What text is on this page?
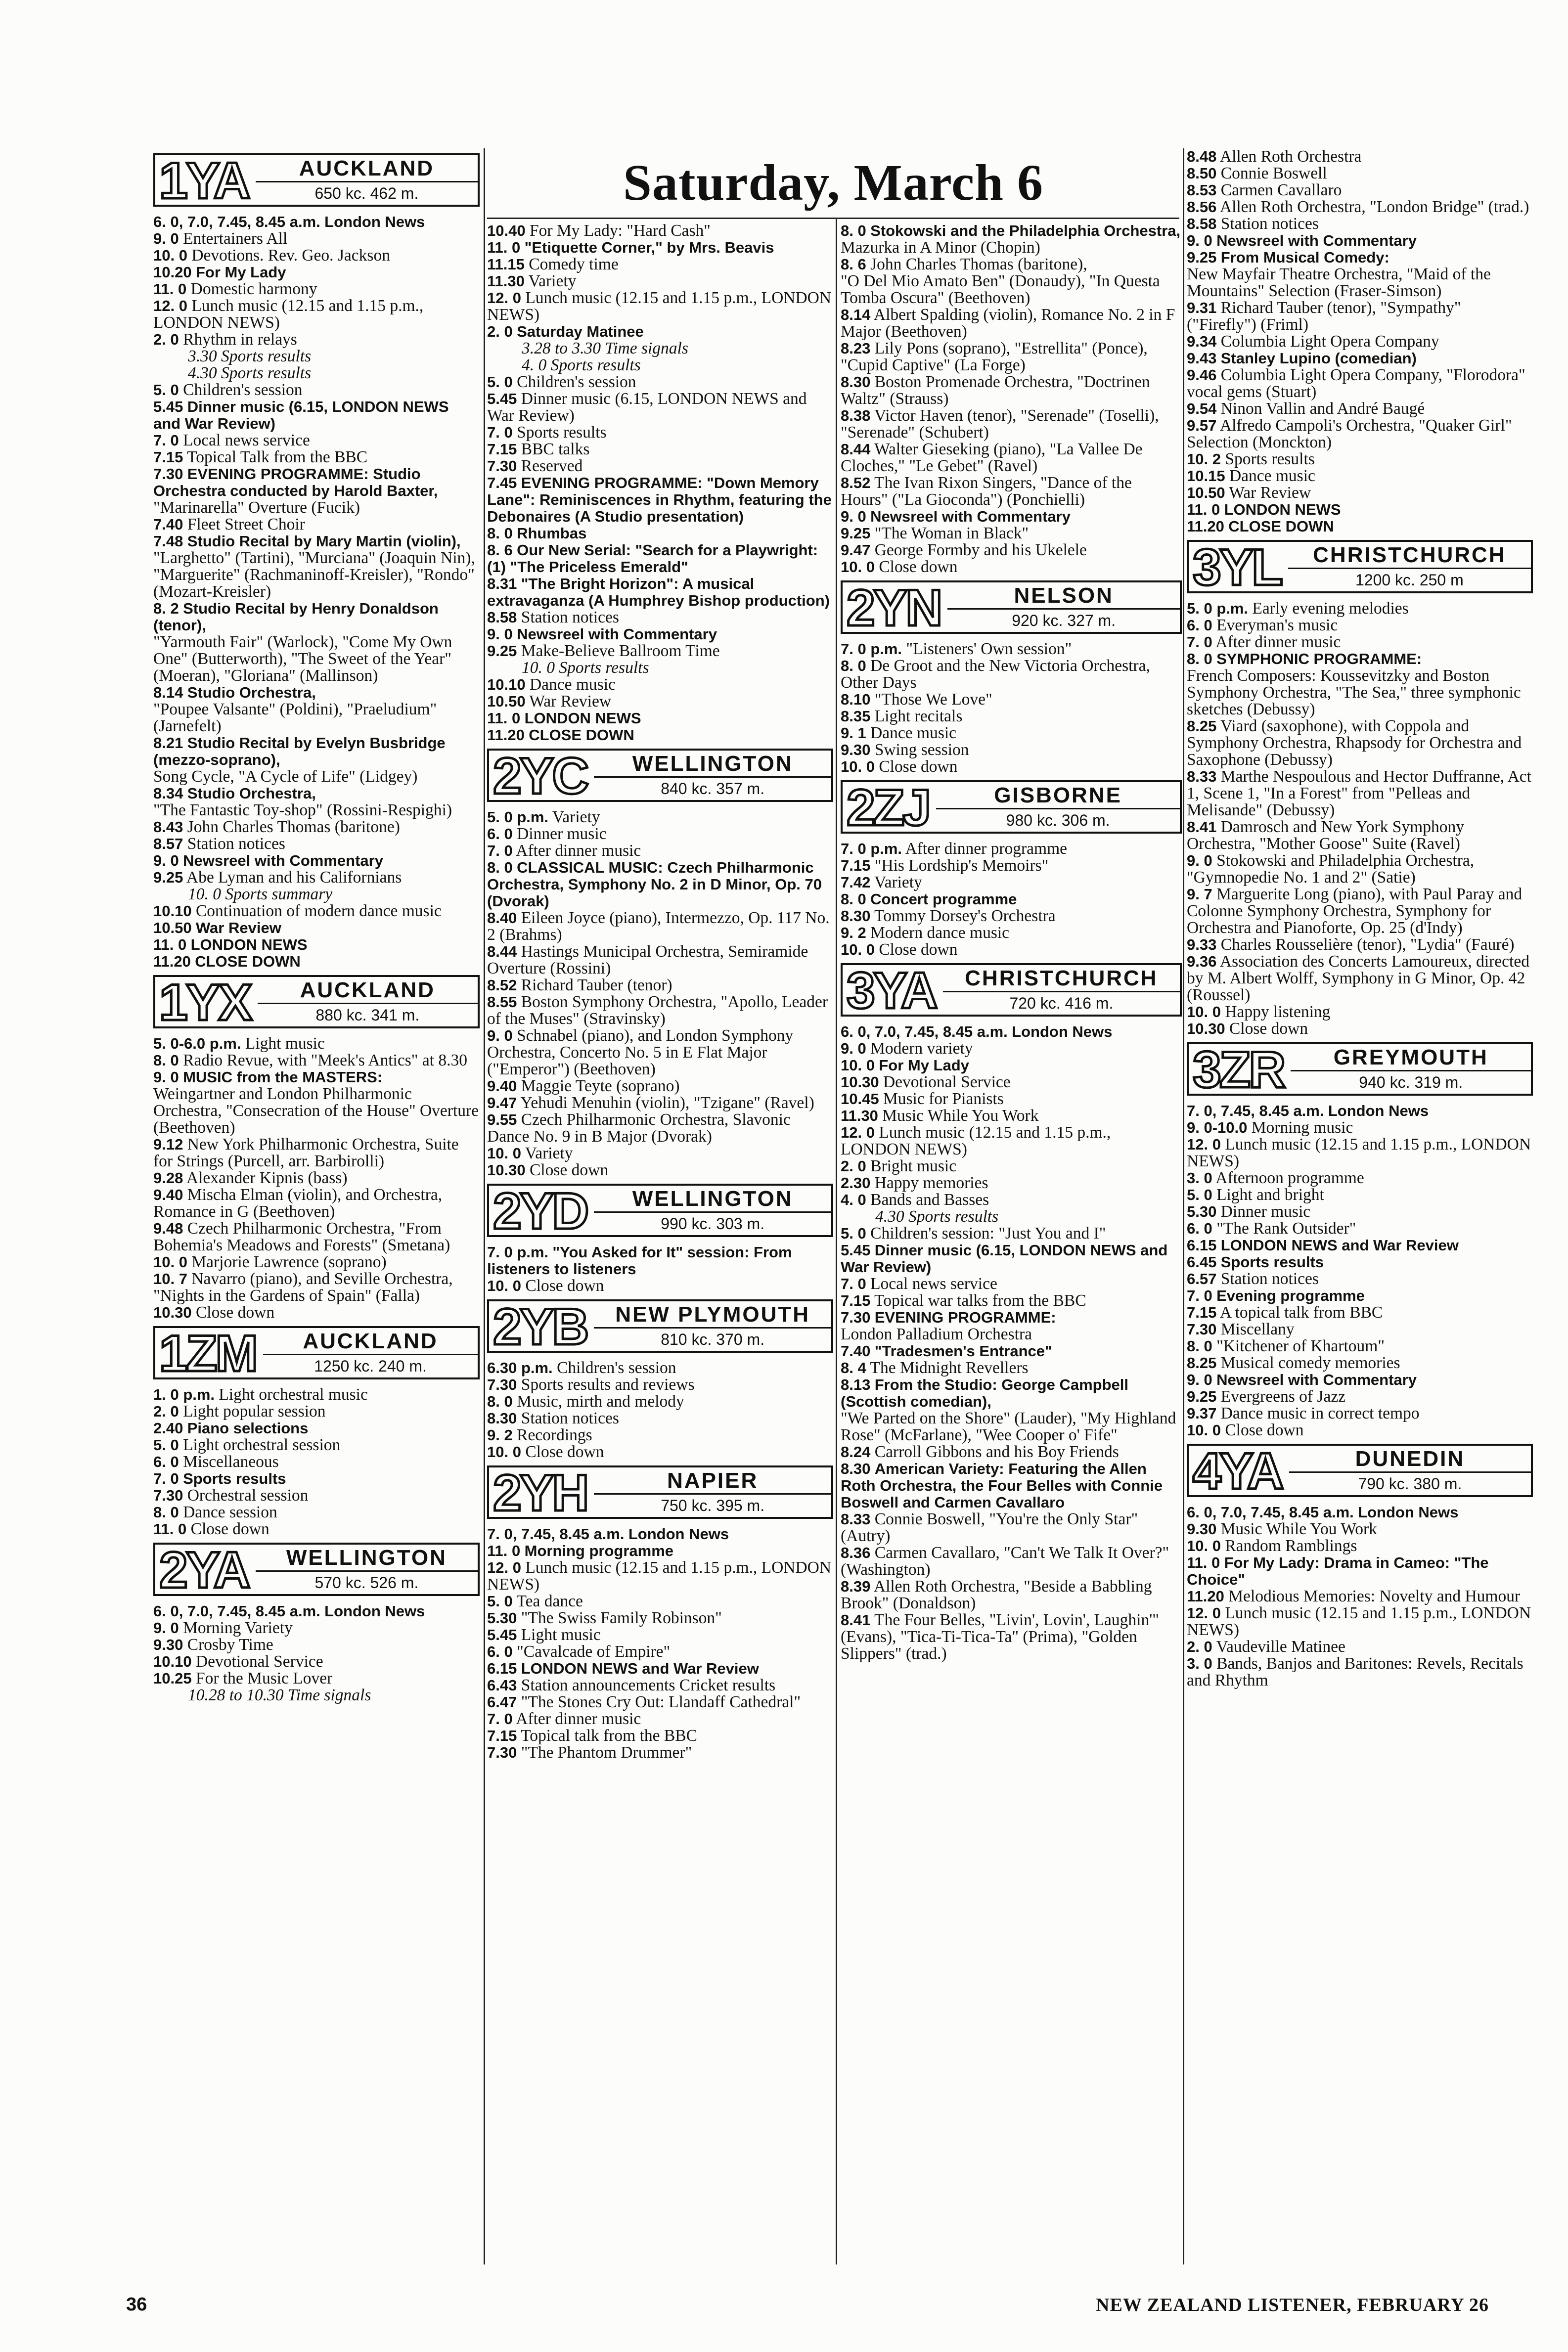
Saturday, March 6
1YA	AUCKLAND
650 kc. 462 m.
6. 0, 7.0, 7.45, 8.45 a.m. London News
9. 0 Entertainers All
10. 0 Devotions. Rev. Geo. Jackson
10.20 For My Lady
11. 0 Domestic harmony
12. 0 Lunch music (12.15 and 1.15 p.m., LONDON NEWS)
2. 0 Rhythm in relays
3.30 Sports results
4.30 Sports results
5. 0 Children's session
5.45 Dinner music (6.15, LONDON NEWS and War Review)
7. 0 Local news service
7.15 Topical Talk from the BBC
7.30 EVENING PROGRAMME: Studio Orchestra conducted by Harold Baxter,
"Marinarella" Overture (Fucik)
7.40 Fleet Street Choir
7.48 Studio Recital by Mary Martin (violin),
"Larghetto" (Tartini), "Murciana" (Joaquin Nin), "Marguerite" (Rachmaninoff-Kreisler), "Rondo" (Mozart-Kreisler)
8. 2 Studio Recital by Henry Donaldson (tenor),
"Yarmouth Fair" (Warlock), "Come My Own One" (Butterworth), "The Sweet of the Year" (Moeran), "Gloriana" (Mallinson)
8.14 Studio Orchestra,
"Poupee Valsante" (Poldini), "Praeludium" (Jarnefelt)
8.21 Studio Recital by Evelyn Busbridge (mezzo-soprano),
Song Cycle, "A Cycle of Life" (Lidgey)
8.34 Studio Orchestra,
"The Fantastic Toy-shop" (Rossini-Respighi)
8.43 John Charles Thomas (baritone)
8.57 Station notices
9. 0 Newsreel with Commentary
9.25 Abe Lyman and his Californians
10. 0 Sports summary
10.10 Continuation of modern dance music
10.50 War Review
11. 0 LONDON NEWS
11.20 CLOSE DOWN
1YX	AUCKLAND
880 kc. 341 m.
5. 0-6.0 p.m. Light music
8. 0 Radio Revue, with "Meek's Antics" at 8.30
9. 0 MUSIC from the MASTERS:
Weingartner and London Philharmonic Orchestra, "Consecration of the House" Overture (Beethoven)
9.12 New York Philharmonic Orchestra, Suite for Strings (Purcell, arr. Barbirolli)
9.28 Alexander Kipnis (bass)
9.40 Mischa Elman (violin), and Orchestra, Romance in G (Beethoven)
9.48 Czech Philharmonic Orchestra, "From Bohemia's Meadows and Forests" (Smetana)
10. 0 Marjorie Lawrence (soprano)
10. 7 Navarro (piano), and Seville Orchestra, "Nights in the Gardens of Spain" (Falla)
10.30 Close down
1ZM	AUCKLAND
1250 kc. 240 m.
1. 0 p.m. Light orchestral music
2. 0 Light popular session
2.40 Piano selections
5. 0 Light orchestral session
6. 0 Miscellaneous
7. 0 Sports results
7.30 Orchestral session
8. 0 Dance session
11. 0 Close down
2YA	WELLINGTON
570 kc. 526 m.
6. 0, 7.0, 7.45, 8.45 a.m. London News
9. 0 Morning Variety
9.30 Crosby Time
10.10 Devotional Service
10.25 For the Music Lover
10.28 to 10.30 Time signals
10.40 For My Lady: "Hard Cash"
11. 0 "Etiquette Corner," by Mrs. Beavis
11.15 Comedy time
11.30 Variety
12. 0 Lunch music (12.15 and 1.15 p.m., LONDON NEWS)
2. 0 Saturday Matinee
3.28 to 3.30 Time signals
4. 0 Sports results
5. 0 Children's session
5.45 Dinner music (6.15, LONDON NEWS and War Review)
7. 0 Sports results
7.15 BBC talks
7.30 Reserved
7.45 EVENING PROGRAMME: "Down Memory Lane": Reminiscences in Rhythm, featuring the Debonaires (A Studio presentation)
8. 0 Rhumbas
8. 6 Our New Serial: "Search for a Playwright: (1) "The Priceless Emerald"
8.31 "The Bright Horizon": A musical extravaganza (A Humphrey Bishop production)
8.58 Station notices
9. 0 Newsreel with Commentary
9.25 Make-Believe Ballroom Time
10. 0 Sports results
10.10 Dance music
10.50 War Review
11. 0 LONDON NEWS
11.20 CLOSE DOWN
2YC	WELLINGTON
840 kc. 357 m.
5. 0 p.m. Variety
6. 0 Dinner music
7. 0 After dinner music
8. 0 CLASSICAL MUSIC: Czech Philharmonic Orchestra, Symphony No. 2 in D Minor, Op. 70 (Dvorak)
8.40 Eileen Joyce (piano), Intermezzo, Op. 117 No. 2 (Brahms)
8.44 Hastings Municipal Orchestra, Semiramide Overture (Rossini)
8.52 Richard Tauber (tenor)
8.55 Boston Symphony Orchestra, "Apollo, Leader of the Muses" (Stravinsky)
9. 0 Schnabel (piano), and London Symphony Orchestra, Concerto No. 5 in E Flat Major ("Emperor") (Beethoven)
9.40 Maggie Teyte (soprano)
9.47 Yehudi Menuhin (violin), "Tzigane" (Ravel)
9.55 Czech Philharmonic Orchestra, Slavonic Dance No. 9 in B Major (Dvorak)
10. 0 Variety
10.30 Close down
2YD	WELLINGTON
990 kc. 303 m.
7. 0 p.m. "You Asked for It" session: From listeners to listeners
10. 0 Close down
2YB	NEW PLYMOUTH
810 kc. 370 m.
6.30 p.m. Children's session
7.30 Sports results and reviews
8. 0 Music, mirth and melody
8.30 Station notices
9. 2 Recordings
10. 0 Close down
2YH	NAPIER
750 kc. 395 m.
7. 0, 7.45, 8.45 a.m. London News
11. 0 Morning programme
12. 0 Lunch music (12.15 and 1.15 p.m., LONDON NEWS)
5. 0 Tea dance
5.30 "The Swiss Family Robinson"
5.45 Light music
6. 0 "Cavalcade of Empire"
6.15 LONDON NEWS and War Review
6.43 Station announcements Cricket results
6.47 "The Stones Cry Out: Llandaff Cathedral"
7. 0 After dinner music
7.15 Topical talk from the BBC
7.30 "The Phantom Drummer"
8. 0 Stokowski and the Philadelphia Orchestra,
Mazurka in A Minor (Chopin)
8. 6 John Charles Thomas (baritone),
"O Del Mio Amato Ben" (Donaudy), "In Questa Tomba Oscura" (Beethoven)
8.14 Albert Spalding (violin), Romance No. 2 in F Major (Beethoven)
8.23 Lily Pons (soprano), "Estrellita" (Ponce), "Cupid Captive" (La Forge)
8.30 Boston Promenade Orchestra, "Doctrinen Waltz" (Strauss)
8.38 Victor Haven (tenor), "Serenade" (Toselli), "Serenade" (Schubert)
8.44 Walter Gieseking (piano), "La Vallee De Cloches," "Le Gebet" (Ravel)
8.52 The Ivan Rixon Singers, "Dance of the Hours" ("La Gioconda") (Ponchielli)
9. 0 Newsreel with Commentary
9.25 "The Woman in Black"
9.47 George Formby and his Ukelele
10. 0 Close down
2YN	NELSON
920 kc. 327 m.
7. 0 p.m. "Listeners' Own session"
8. 0 De Groot and the New Victoria Orchestra, Other Days
8.10 "Those We Love"
8.35 Light recitals
9. 1 Dance music
9.30 Swing session
10. 0 Close down
2ZJ	GISBORNE
980 kc. 306 m.
7. 0 p.m. After dinner programme
7.15 "His Lordship's Memoirs"
7.42 Variety
8. 0 Concert programme
8.30 Tommy Dorsey's Orchestra
9. 2 Modern dance music
10. 0 Close down
3YA	CHRISTCHURCH
720 kc. 416 m.
6. 0, 7.0, 7.45, 8.45 a.m. London News
9. 0 Modern variety
10. 0 For My Lady
10.30 Devotional Service
10.45 Music for Pianists
11.30 Music While You Work
12. 0 Lunch music (12.15 and 1.15 p.m., LONDON NEWS)
2. 0 Bright music
2.30 Happy memories
4. 0 Bands and Basses
4.30 Sports results
5. 0 Children's session: "Just You and I"
5.45 Dinner music (6.15, LONDON NEWS and War Review)
7. 0 Local news service
7.15 Topical war talks from the BBC
7.30 EVENING PROGRAMME:
London Palladium Orchestra
7.40 "Tradesmen's Entrance"
8. 4 The Midnight Revellers
8.13 From the Studio: George Campbell (Scottish comedian),
"We Parted on the Shore" (Lauder), "My Highland Rose" (McFarlane), "Wee Cooper o' Fife"
8.24 Carroll Gibbons and his Boy Friends
8.30 American Variety: Featuring the Allen Roth Orchestra, the Four Belles with Connie Boswell and Carmen Cavallaro
8.33 Connie Boswell, "You're the Only Star" (Autry)
8.36 Carmen Cavallaro, "Can't We Talk It Over?" (Washington)
8.39 Allen Roth Orchestra, "Beside a Babbling Brook" (Donaldson)
8.41 The Four Belles, "Livin', Lovin', Laughin'" (Evans), "Tica-Ti-Tica-Ta" (Prima), "Golden Slippers" (trad.)
8.48 Allen Roth Orchestra
8.50 Connie Boswell
8.53 Carmen Cavallaro
8.56 Allen Roth Orchestra, "London Bridge" (trad.)
8.58 Station notices
9. 0 Newsreel with Commentary
9.25 From Musical Comedy:
New Mayfair Theatre Orchestra, "Maid of the Mountains" Selection (Fraser-Simson)
9.31 Richard Tauber (tenor), "Sympathy" ("Firefly") (Friml)
9.34 Columbia Light Opera Company
9.43 Stanley Lupino (comedian)
9.46 Columbia Light Opera Company, "Florodora" vocal gems (Stuart)
9.54 Ninon Vallin and André Baugé
9.57 Alfredo Campoli's Orchestra, "Quaker Girl" Selection (Monckton)
10. 2 Sports results
10.15 Dance music
10.50 War Review
11. 0 LONDON NEWS
11.20 CLOSE DOWN
3YL	CHRISTCHURCH
1200 kc. 250 m
5. 0 p.m. Early evening melodies
6. 0 Everyman's music
7. 0 After dinner music
8. 0 SYMPHONIC PROGRAMME:
French Composers: Koussevitzky and Boston Symphony Orchestra, "The Sea," three symphonic sketches (Debussy)
8.25 Viard (saxophone), with Coppola and Symphony Orchestra, Rhapsody for Orchestra and Saxophone (Debussy)
8.33 Marthe Nespoulous and Hector Duffranne, Act 1, Scene 1, "In a Forest" from "Pelleas and Melisande" (Debussy)
8.41 Damrosch and New York Symphony Orchestra, "Mother Goose" Suite (Ravel)
9. 0 Stokowski and Philadelphia Orchestra, "Gymnopedie No. 1 and 2" (Satie)
9. 7 Marguerite Long (piano), with Paul Paray and Colonne Symphony Orchestra, Symphony for Orchestra and Pianoforte, Op. 25 (d'Indy)
9.33 Charles Rousselière (tenor), "Lydia" (Fauré)
9.36 Association des Concerts Lamoureux, directed by M. Albert Wolff, Symphony in G Minor, Op. 42 (Roussel)
10. 0 Happy listening
10.30 Close down
3ZR	GREYMOUTH
940 kc. 319 m.
7. 0, 7.45, 8.45 a.m. London News
9. 0-10.0 Morning music
12. 0 Lunch music (12.15 and 1.15 p.m., LONDON NEWS)
3. 0 Afternoon programme
5. 0 Light and bright
5.30 Dinner music
6. 0 "The Rank Outsider"
6.15 LONDON NEWS and War Review
6.45 Sports results
6.57 Station notices
7. 0 Evening programme
7.15 A topical talk from BBC
7.30 Miscellany
8. 0 "Kitchener of Khartoum"
8.25 Musical comedy memories
9. 0 Newsreel with Commentary
9.25 Evergreens of Jazz
9.37 Dance music in correct tempo
10. 0 Close down
4YA	DUNEDIN
790 kc. 380 m.
6. 0, 7.0, 7.45, 8.45 a.m. London News
9.30 Music While You Work
10. 0 Random Ramblings
11. 0 For My Lady: Drama in Cameo: "The Choice"
11.20 Melodious Memories: Novelty and Humour
12. 0 Lunch music (12.15 and 1.15 p.m., LONDON NEWS)
2. 0 Vaudeville Matinee
3. 0 Bands, Banjos and Baritones: Revels, Recitals and Rhythm
36	NEW ZEALAND LISTENER, FEBRUARY 26
